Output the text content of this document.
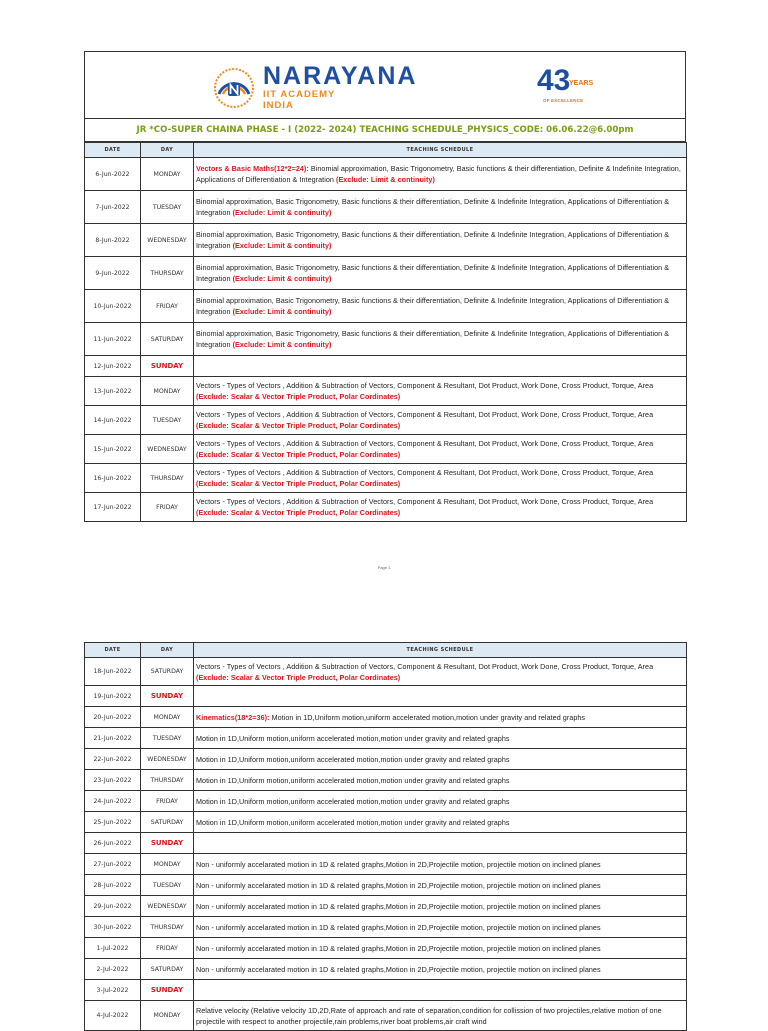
NARAYANA
IIT ACADEMY
INDIA
43
YEARS
OF EXCELLENCE
JR *CO-SUPER CHAINA PHASE - I (2022- 2024) TEACHING SCHEDULE_PHYSICS_CODE: 06.06.22@6.00pm
DATE	DAY	TEACHING SCHEDULE
6-Jun-2022	MONDAY	Vectors & Basic Maths(12*2=24): Binomial approximation, Basic Trigonometry, Basic functions & their differentiation, Definite & Indefinite Integration, Applications of Differentiation & Integration (Exclude: Limit & continuity)
7-Jun-2022	TUESDAY	Binomial approximation, Basic Trigonometry, Basic functions & their differentiation, Definite & Indefinite Integration, Applications of Differentiation & Integration (Exclude: Limit & continuity)
8-Jun-2022	WEDNESDAY	Binomial approximation, Basic Trigonometry, Basic functions & their differentiation, Definite & Indefinite Integration, Applications of Differentiation & Integration (Exclude: Limit & continuity)
9-Jun-2022	THURSDAY	Binomial approximation, Basic Trigonometry, Basic functions & their differentiation, Definite & Indefinite Integration, Applications of Differentiation & Integration (Exclude: Limit & continuity)
10-Jun-2022	FRIDAY	Binomial approximation, Basic Trigonometry, Basic functions & their differentiation, Definite & Indefinite Integration, Applications of Differentiation & Integration (Exclude: Limit & continuity)
11-Jun-2022	SATURDAY	Binomial approximation, Basic Trigonometry, Basic functions & their differentiation, Definite & Indefinite Integration, Applications of Differentiation & Integration (Exclude: Limit & continuity)
12-Jun-2022	SUNDAY	
13-Jun-2022	MONDAY	Vectors - Types of Vectors , Addition & Subtraction of Vectors, Component & Resultant, Dot Product, Work Done, Cross Product, Torque, Area (Exclude: Scalar & Vector Triple Product, Polar Cordinates)
14-Jun-2022	TUESDAY	Vectors - Types of Vectors , Addition & Subtraction of Vectors, Component & Resultant, Dot Product, Work Done, Cross Product, Torque, Area (Exclude: Scalar & Vector Triple Product, Polar Cordinates)
15-Jun-2022	WEDNESDAY	Vectors - Types of Vectors , Addition & Subtraction of Vectors, Component & Resultant, Dot Product, Work Done, Cross Product, Torque, Area (Exclude: Scalar & Vector Triple Product, Polar Cordinates)
16-Jun-2022	THURSDAY	Vectors - Types of Vectors , Addition & Subtraction of Vectors, Component & Resultant, Dot Product, Work Done, Cross Product, Torque, Area (Exclude: Scalar & Vector Triple Product, Polar Cordinates)
17-Jun-2022	FRIDAY	Vectors - Types of Vectors , Addition & Subtraction of Vectors, Component & Resultant, Dot Product, Work Done, Cross Product, Torque, Area (Exclude: Scalar & Vector Triple Product, Polar Cordinates)
Page 1
DATE	DAY	TEACHING SCHEDULE
18-Jun-2022	SATURDAY	Vectors - Types of Vectors , Addition & Subtraction of Vectors, Component & Resultant, Dot Product, Work Done, Cross Product, Torque, Area (Exclude: Scalar & Vector Triple Product, Polar Cordinates)
19-Jun-2022	SUNDAY	
20-Jun-2022	MONDAY	Kinematics(18*2=36): Motion in 1D,Uniform motion,uniform accelerated motion,motion under gravity and related graphs
21-Jun-2022	TUESDAY	Motion in 1D,Uniform motion,uniform accelerated motion,motion under gravity and related graphs
22-Jun-2022	WEDNESDAY	Motion in 1D,Uniform motion,uniform accelerated motion,motion under gravity and related graphs
23-Jun-2022	THURSDAY	Motion in 1D,Uniform motion,uniform accelerated motion,motion under gravity and related graphs
24-Jun-2022	FRIDAY	Motion in 1D,Uniform motion,uniform accelerated motion,motion under gravity and related graphs
25-Jun-2022	SATURDAY	Motion in 1D,Uniform motion,uniform accelerated motion,motion under gravity and related graphs
26-Jun-2022	SUNDAY	
27-Jun-2022	MONDAY	Non - uniformly accelarated motion in 1D & related graphs,Motion in 2D,Projectile motion, projectile motion on inclined planes
28-Jun-2022	TUESDAY	Non - uniformly accelarated motion in 1D & related graphs,Motion in 2D,Projectile motion, projectile motion on inclined planes
29-Jun-2022	WEDNESDAY	Non - uniformly accelarated motion in 1D & related graphs,Motion in 2D,Projectile motion, projectile motion on inclined planes
30-Jun-2022	THURSDAY	Non - uniformly accelarated motion in 1D & related graphs,Motion in 2D,Projectile motion, projectile motion on inclined planes
1-Jul-2022	FRIDAY	Non - uniformly accelarated motion in 1D & related graphs,Motion in 2D,Projectile motion, projectile motion on inclined planes
2-Jul-2022	SATURDAY	Non - uniformly accelarated motion in 1D & related graphs,Motion in 2D,Projectile motion, projectile motion on inclined planes
3-Jul-2022	SUNDAY	
4-Jul-2022	MONDAY	Relative velocity (Relative velocity 1D,2D,Rate of approach and rate of separation,condition for collission of two projectiles,relative motion of one projectile with respect to another projectile,rain problems,river boat problems,air craft wind
